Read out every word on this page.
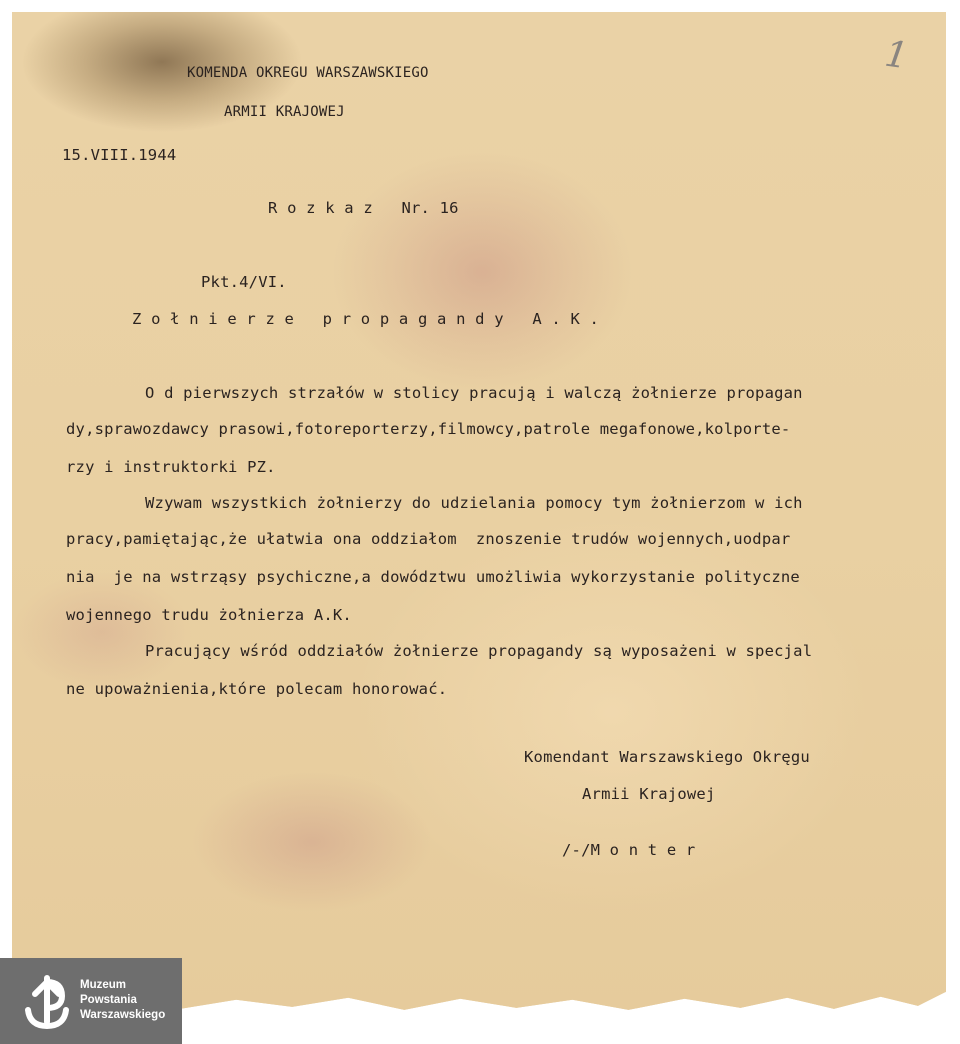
1
KOMENDA OKREGU WARSZAWSKIEGO
ARMII KRAJOWEJ
15.VIII.1944
R o z k a z   Nr. 16
Pkt.4/VI.
Z o ł n i e r z e   p r o p a g a n d y   A . K .
O d pierwszych strzałów w stolicy pracują i walczą żołnierze propagan
dy,sprawozdawcy prasowi,fotoreporterzy,filmowcy,patrole megafonowe,kolporte-
rzy i instruktorki PZ.
Wzywam wszystkich żołnierzy do udzielania pomocy tym żołnierzom w ich
pracy,pamiętając,że ułatwia ona oddziałom  znoszenie trudów wojennych,uodpar
nia  je na wstrząsy psychiczne,a dowództwu umożliwia wykorzystanie polityczne
wojennego trudu żołnierza A.K.
Pracujący wśród oddziałów żołnierze propagandy są wyposażeni w specjal
ne upoważnienia,które polecam honorować.
Komendant Warszawskiego Okręgu
Armii Krajowej
/-/M o n t e r
Muzeum
Powstania
Warszawskiego
